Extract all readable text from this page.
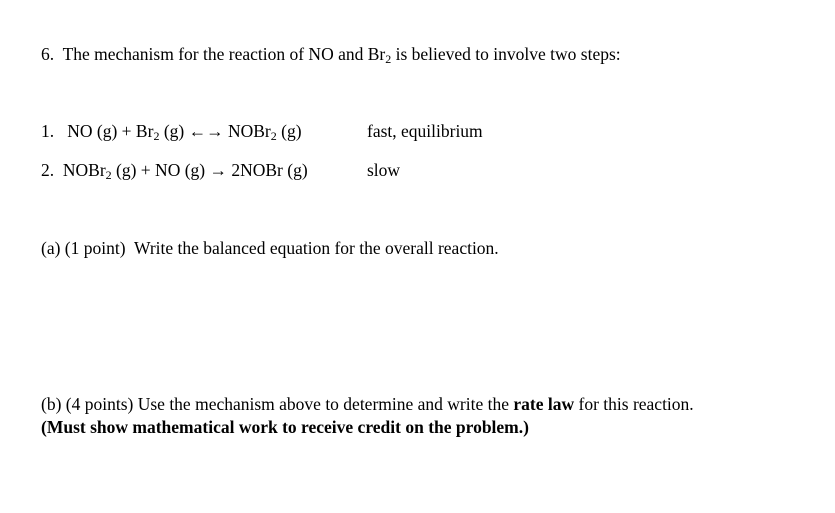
6. The mechanism for the reaction of NO and $Br_2$ is believed to involve two steps:
1. NO $(g) + Br_2$ (g) ←→ NOBr$_2$ (g)	fast, equilibrium
2. NOBr$_2$ (g) + NO (g) → 2NOBr (g)	slow
(a) (1 point) Write the balanced equation for the overall reaction.
(b) (4 points) Use the mechanism above to determine and write the rate law for this reaction.
(Must show mathematical work to receive credit on the problem.)
